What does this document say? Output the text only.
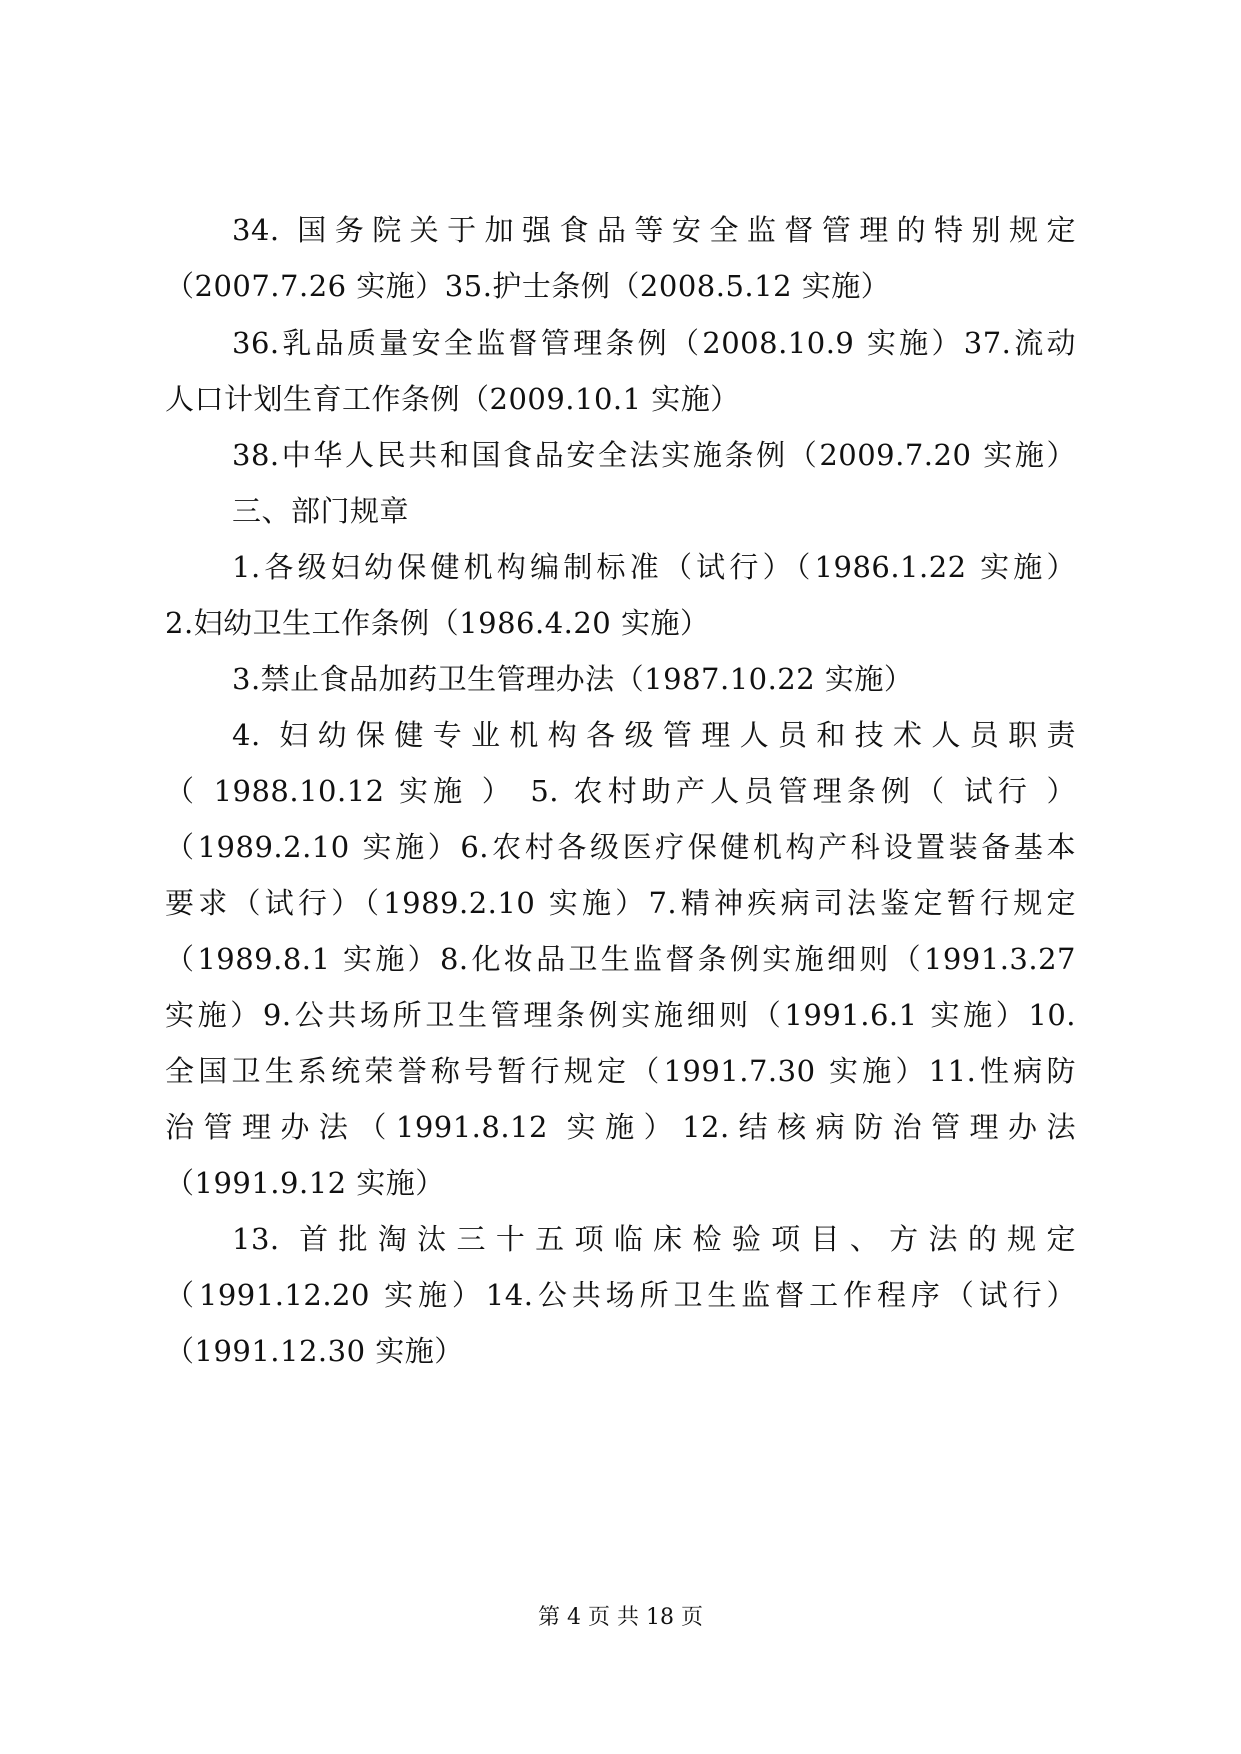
34. 国务院关于加强食品等安全监督管理的特别规定
（2007.7.26 实施）35.护士条例（2008.5.12 实施）
36.乳品质量安全监督管理条例（2008.10.9 实施）37.流动
人口计划生育工作条例（2009.10.1 实施）
38.中华人民共和国食品安全法实施条例（2009.7.20 实施）
三、部门规章
1.各级妇幼保健机构编制标准（试行）（1986.1.22 实施）
2.妇幼卫生工作条例（1986.4.20 实施）
3.禁止食品加药卫生管理办法（1987.10.22 实施）
4. 妇幼保健专业机构各级管理人员和技术人员职责
（ 1988.10.12 实施 ） 5. 农村助产人员管理条例（ 试行 ）
（1989.2.10 实施）6.农村各级医疗保健机构产科设置装备基本
要求（试行）（1989.2.10 实施）7.精神疾病司法鉴定暂行规定
（1989.8.1 实施）8.化妆品卫生监督条例实施细则（1991.3.27
实施）9.公共场所卫生管理条例实施细则（1991.6.1 实施）10.
全国卫生系统荣誉称号暂行规定（1991.7.30 实施）11.性病防
治管理办法（1991.8.12 实施）12.结核病防治管理办法
（1991.9.12 实施）
13. 首批淘汰三十五项临床检验项目、方法的规定
（1991.12.20 实施）14.公共场所卫生监督工作程序（试行）
（1991.12.30 实施）
第 4 页 共 18 页
